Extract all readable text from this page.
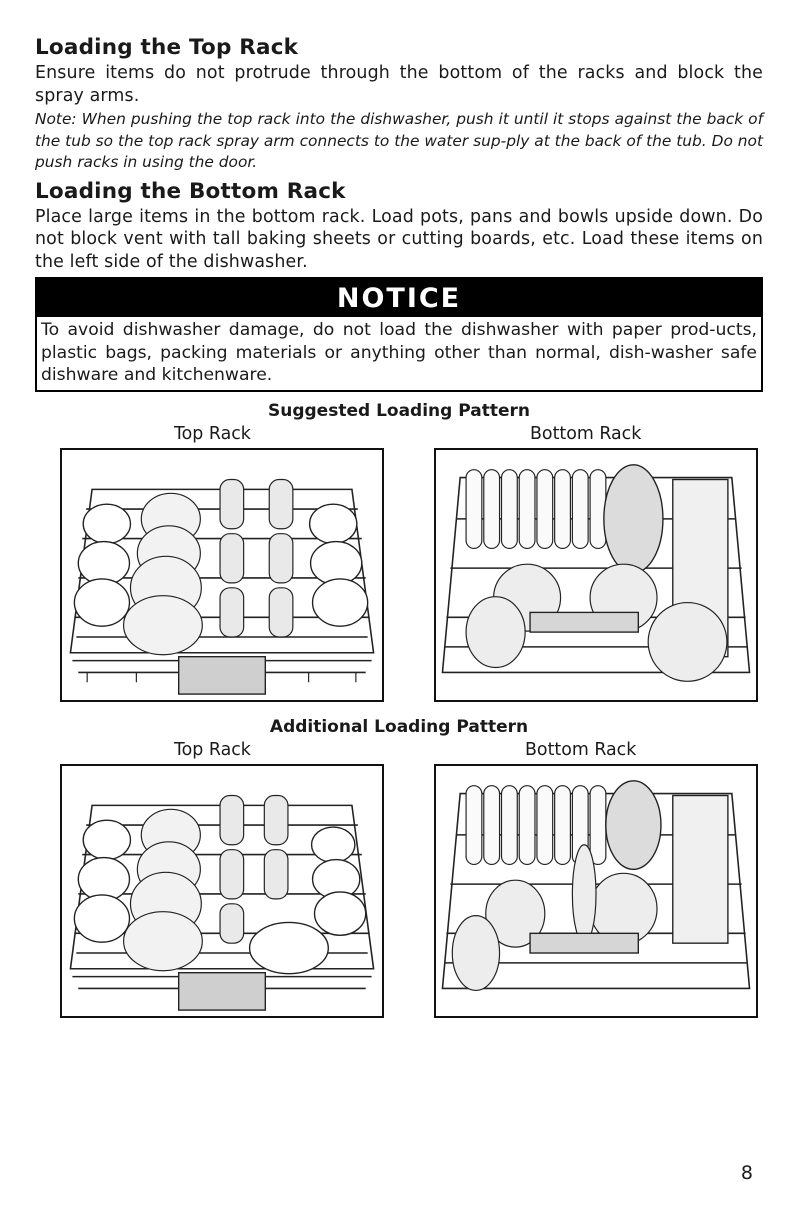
Loading the Top Rack

Ensure items do not protrude through the bottom of the racks and block the spray arms.

Note: When pushing the top rack into the dishwasher, push it until it stops against the back of the tub so the top rack spray arm connects to the water sup-ply at the back of the tub. Do not push racks in using the door.

Loading the Bottom Rack

Place large items in the bottom rack. Load pots, pans and bowls upside down. Do not block vent with tall baking sheets or cutting boards, etc. Load these items on the left side of the dishwasher.

NOTICE
To avoid dishwasher damage, do not load the dishwasher with paper prod-ucts, plastic bags, packing materials or anything other than normal, dish-washer safe dishware and kitchenware.
Suggested Loading Pattern
Top Rack	Bottom Rack
Additional Loading Pattern
Top Rack	Bottom Rack
8
